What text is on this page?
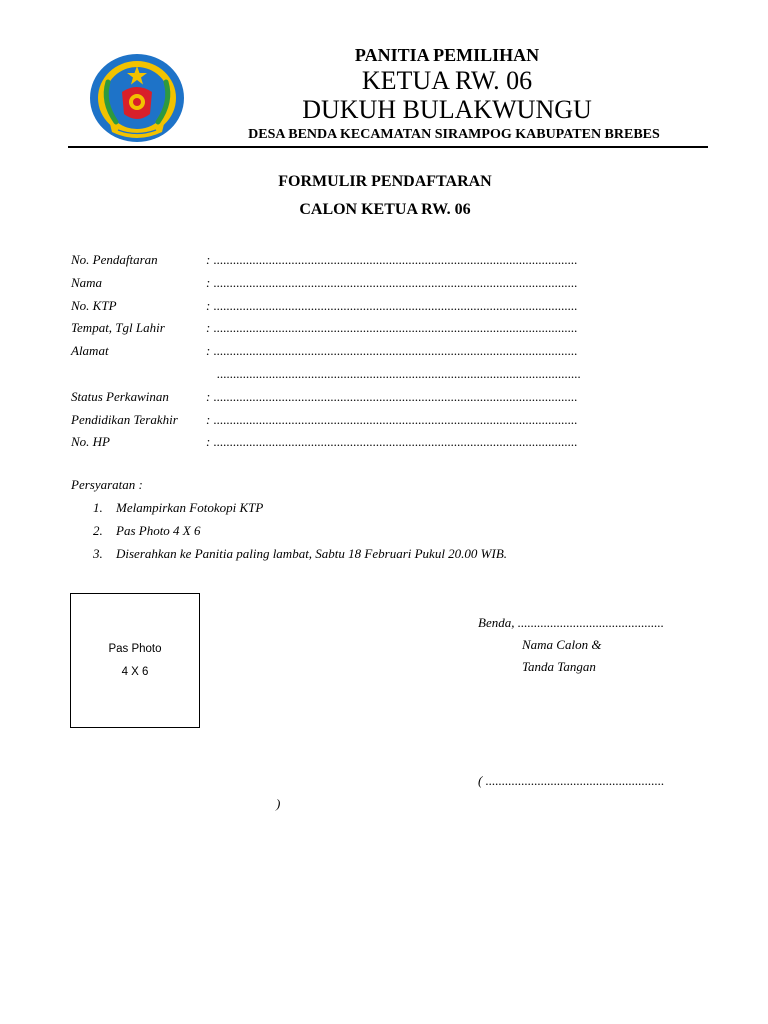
PANITIA PEMILIHAN
KETUA RW. 06
DUKUH BULAKWUNGU
DESA BENDA KECAMATAN SIRAMPOG KABUPATEN BREBES
FORMULIR PENDAFTARAN
CALON KETUA RW. 06
No. Pendaftaran	: ................................................................................................................
Nama	: ................................................................................................................
No. KTP	: ................................................................................................................
Tempat, Tgl Lahir	: ................................................................................................................
Alamat	: ................................................................................................................
................................................................................................................
Status Perkawinan	: ................................................................................................................
Pendidikan Terakhir : ................................................................................................................
No. HP	: ................................................................................................................
Persyaratan :
1. Melampirkan Fotokopi KTP
2. Pas Photo 4 X 6
3. Diserahkan ke Panitia paling lambat, Sabtu 18 Februari Pukul 20.00 WIB.
Pas Photo
4 X 6
Benda, .............................................
Nama Calon &
Tanda Tangan
( .......................................................
)
